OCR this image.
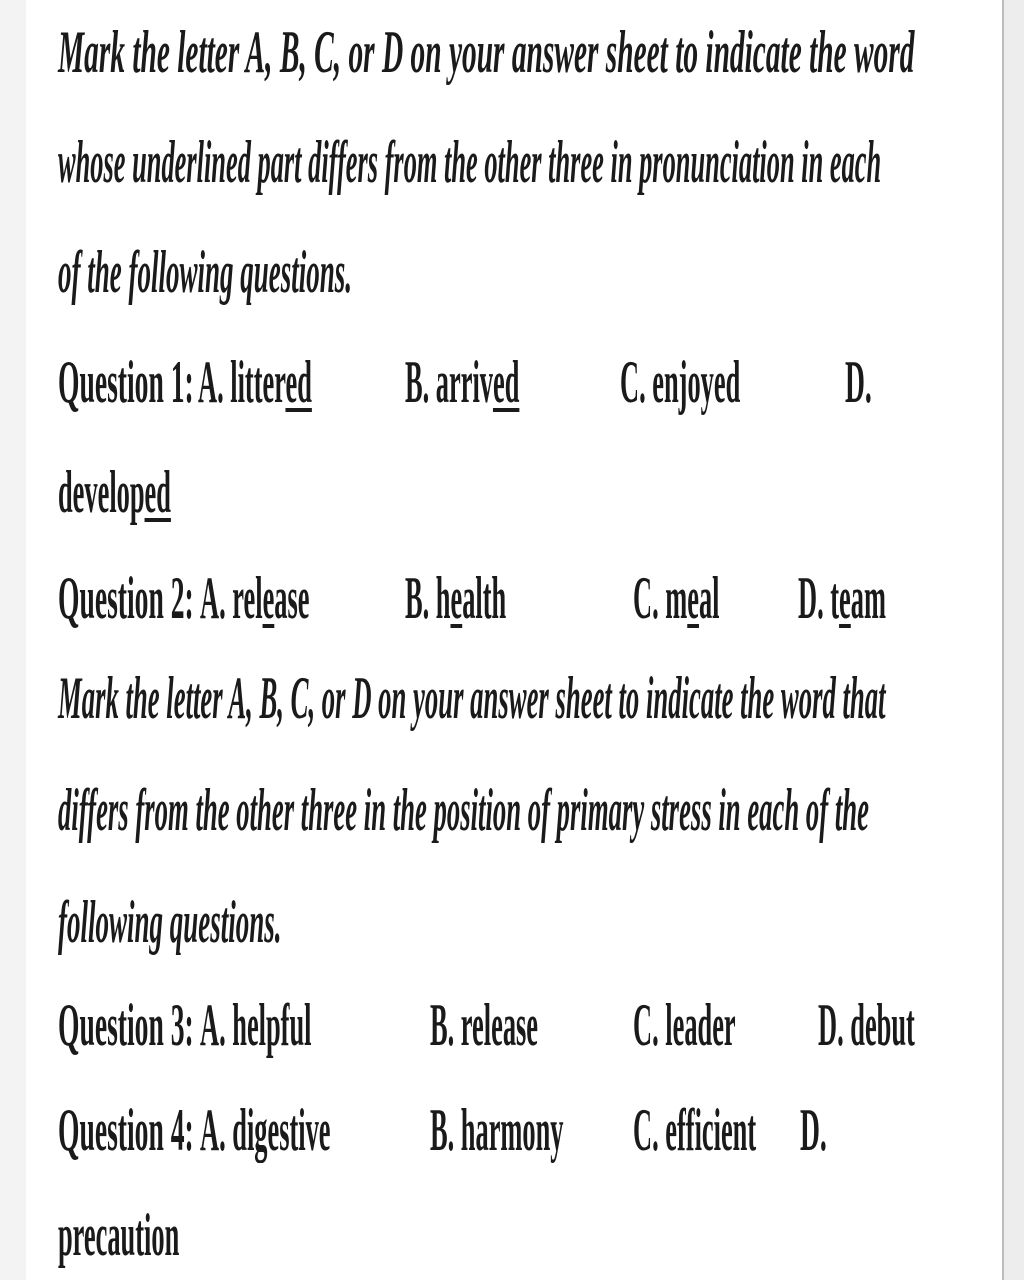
Mark the letter A, B, C, or D on your answer sheet to indicate the word
whose underlined part differs from the other three in pronunciation in each
of the following questions.
Question 1: A. littered B. arrived C. enjoyed D.
developed
Question 2: A. release B. health C. meal D. team
Mark the letter A, B, C, or D on your answer sheet to indicate the word that
differs from the other three in the position of primary stress in each of the
following questions.
Question 3: A. helpful B. release C. leader D. debut
Question 4: A. digestive B. harmony C. efficient D.
precaution
